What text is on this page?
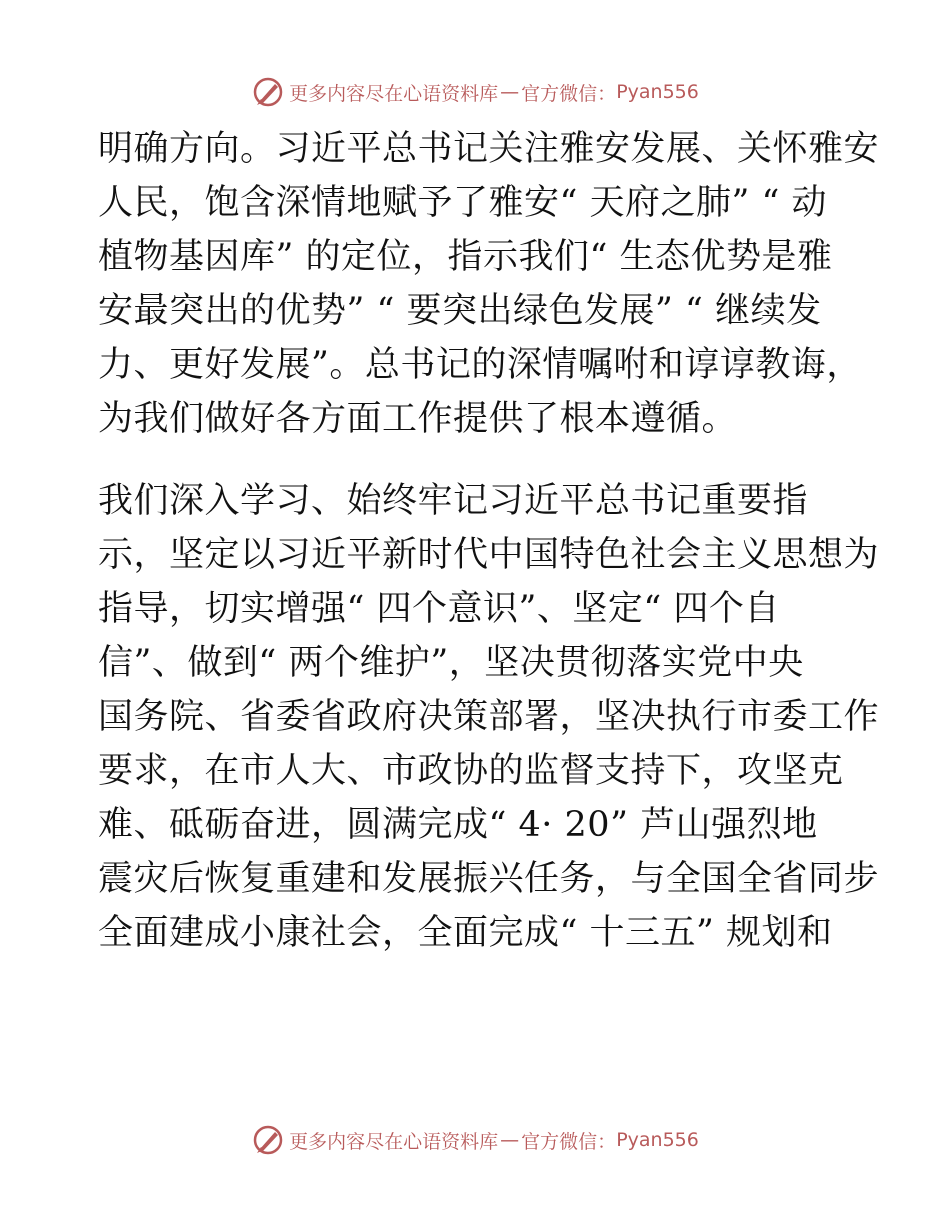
更多内容尽在心语资料库 — 官方微信： Pyan556
明确方向。习近平总书记关注雅安发展、关怀雅安
人民，饱含深情地赋予了雅安“ 天府之肺” “ 动
植物基因库” 的定位，指示我们“ 生态优势是雅
安最突出的优势” “ 要突出绿色发展” “ 继续发
力、更好发展”。总书记的深情嘱咐和谆谆教诲，
为我们做好各方面工作提供了根本遵循。
我们深入学习、始终牢记习近平总书记重要指
示，坚定以习近平新时代中国特色社会主义思想为
指导，切实增强“ 四个意识”、坚定“ 四个自
信”、做到“ 两个维护”，坚决贯彻落实党中央
国务院、省委省政府决策部署，坚决执行市委工作
要求，在市人大、市政协的监督支持下，攻坚克
难、砥砺奋进，圆满完成“ 4· 20” 芦山强烈地
震灾后恢复重建和发展振兴任务，与全国全省同步
全面建成小康社会，全面完成“ 十三五” 规划和
更多内容尽在心语资料库 — 官方微信： Pyan556
